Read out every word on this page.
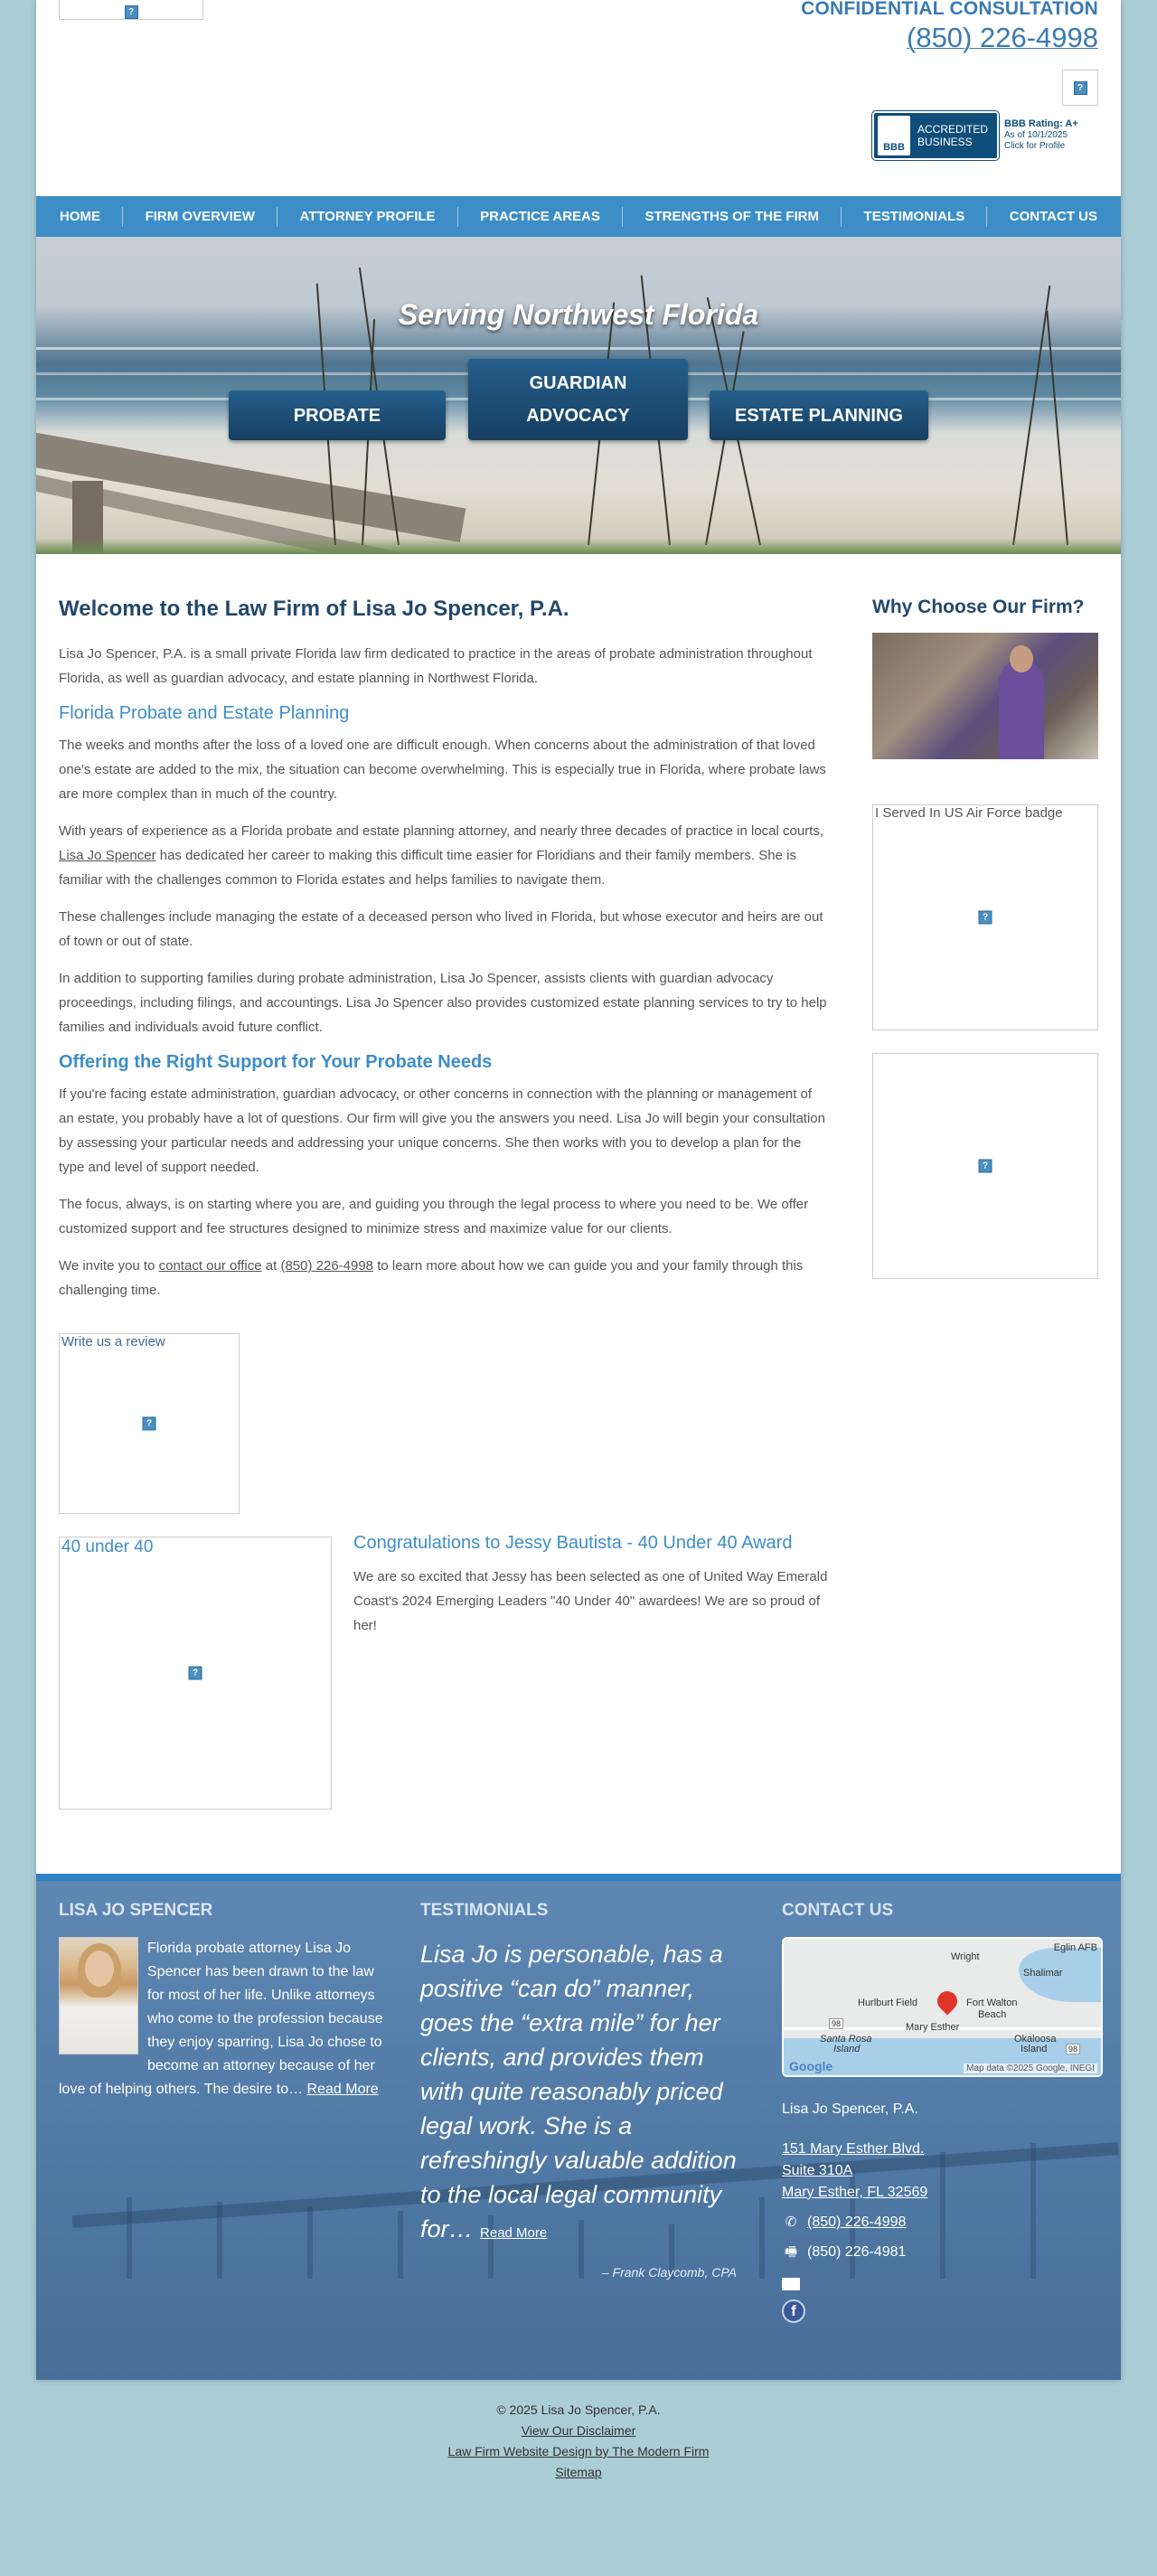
?	CONFIDENTIAL CONSULTATION
(850) 226-4998
?
BBB
ACCREDITED
BUSINESS
BBB Rating: A+
As of 10/1/2025
Click for Profile
HOME	FIRM OVERVIEW	ATTORNEY PROFILE	PRACTICE AREAS	STRENGTHS OF THE FIRM	TESTIMONIALS	CONTACT US
Serving Northwest Florida
PROBATE
GUARDIAN ADVOCACY	ESTATE PLANNING
Welcome to the Law Firm of Lisa Jo Spencer, P.A.

Lisa Jo Spencer, P.A. is a small private Florida law firm dedicated to practice in the areas of probate administration throughout Florida, as well as guardian advocacy, and estate planning in Northwest Florida.

Florida Probate and Estate Planning

The weeks and months after the loss of a loved one are difficult enough. When concerns about the administration of that loved one's estate are added to the mix, the situation can become overwhelming. This is especially true in Florida, where probate laws are more complex than in much of the country.

With years of experience as a Florida probate and estate planning attorney, and nearly three decades of practice in local courts, Lisa Jo Spencer has dedicated her career to making this difficult time easier for Floridians and their family members. She is familiar with the challenges common to Florida estates and helps families to navigate them.

These challenges include managing the estate of a deceased person who lived in Florida, but whose executor and heirs are out of town or out of state.

In addition to supporting families during probate administration, Lisa Jo Spencer, assists clients with guardian advocacy proceedings, including filings, and accountings. Lisa Jo Spencer also provides customized estate planning services to try to help families and individuals avoid future conflict.

Offering the Right Support for Your Probate Needs

If you're facing estate administration, guardian advocacy, or other concerns in connection with the planning or management of an estate, you probably have a lot of questions. Our firm will give you the answers you need. Lisa Jo will begin your consultation by assessing your particular needs and addressing your unique concerns. She then works with you to develop a plan for the type and level of support needed.

The focus, always, is on starting where you are, and guiding you through the legal process to where you need to be. We offer customized support and fee structures designed to minimize stress and maximize value for our clients.

We invite you to contact our office at (850) 226-4998 to learn more about how we can guide you and your family through this challenging time.

Write us a review
?
40 under 40
?
Congratulations to Jessy Bautista - 40 Under 40 Award

We are so excited that Jessy has been selected as one of United Way Emerald Coast's 2024 Emerging Leaders "40 Under 40" awardees! We are so proud of her!

Why Choose Our Firm?
I Served In US Air Force badge
?
?
LISA JO SPENCER

Florida probate attorney Lisa Jo Spencer has been drawn to the law for most of her life. Unlike attorneys who come to the profession because they enjoy sparring, Lisa Jo chose to become an attorney because of her love of helping others. The desire to… Read More

TESTIMONIALS
Lisa Jo is personable, has a positive “can do” manner, goes the “extra mile” for her clients, and provides them with quite reasonably priced legal work. She is a refreshingly valuable addition to the local legal community for… Read More
– Frank Claycomb, CPA
CONTACT US
Eglin AFB
Wright
Shalimar
Hurlburt Field	Fort Walton
Beach
Mary Esther
Santa Rosa
Island
Okaloosa
Island
98
98
Google	Map data ©2025 Google, INEGI
Lisa Jo Spencer, P.A.
151 Mary Esther Blvd.
Suite 310A
Mary Esther, FL 32569
✆ (850) 226-4998
🖷 (850) 226-4981
f
© 2025 Lisa Jo Spencer, P.A.
View Our Disclaimer
Law Firm Website Design by The Modern Firm
Sitemap
